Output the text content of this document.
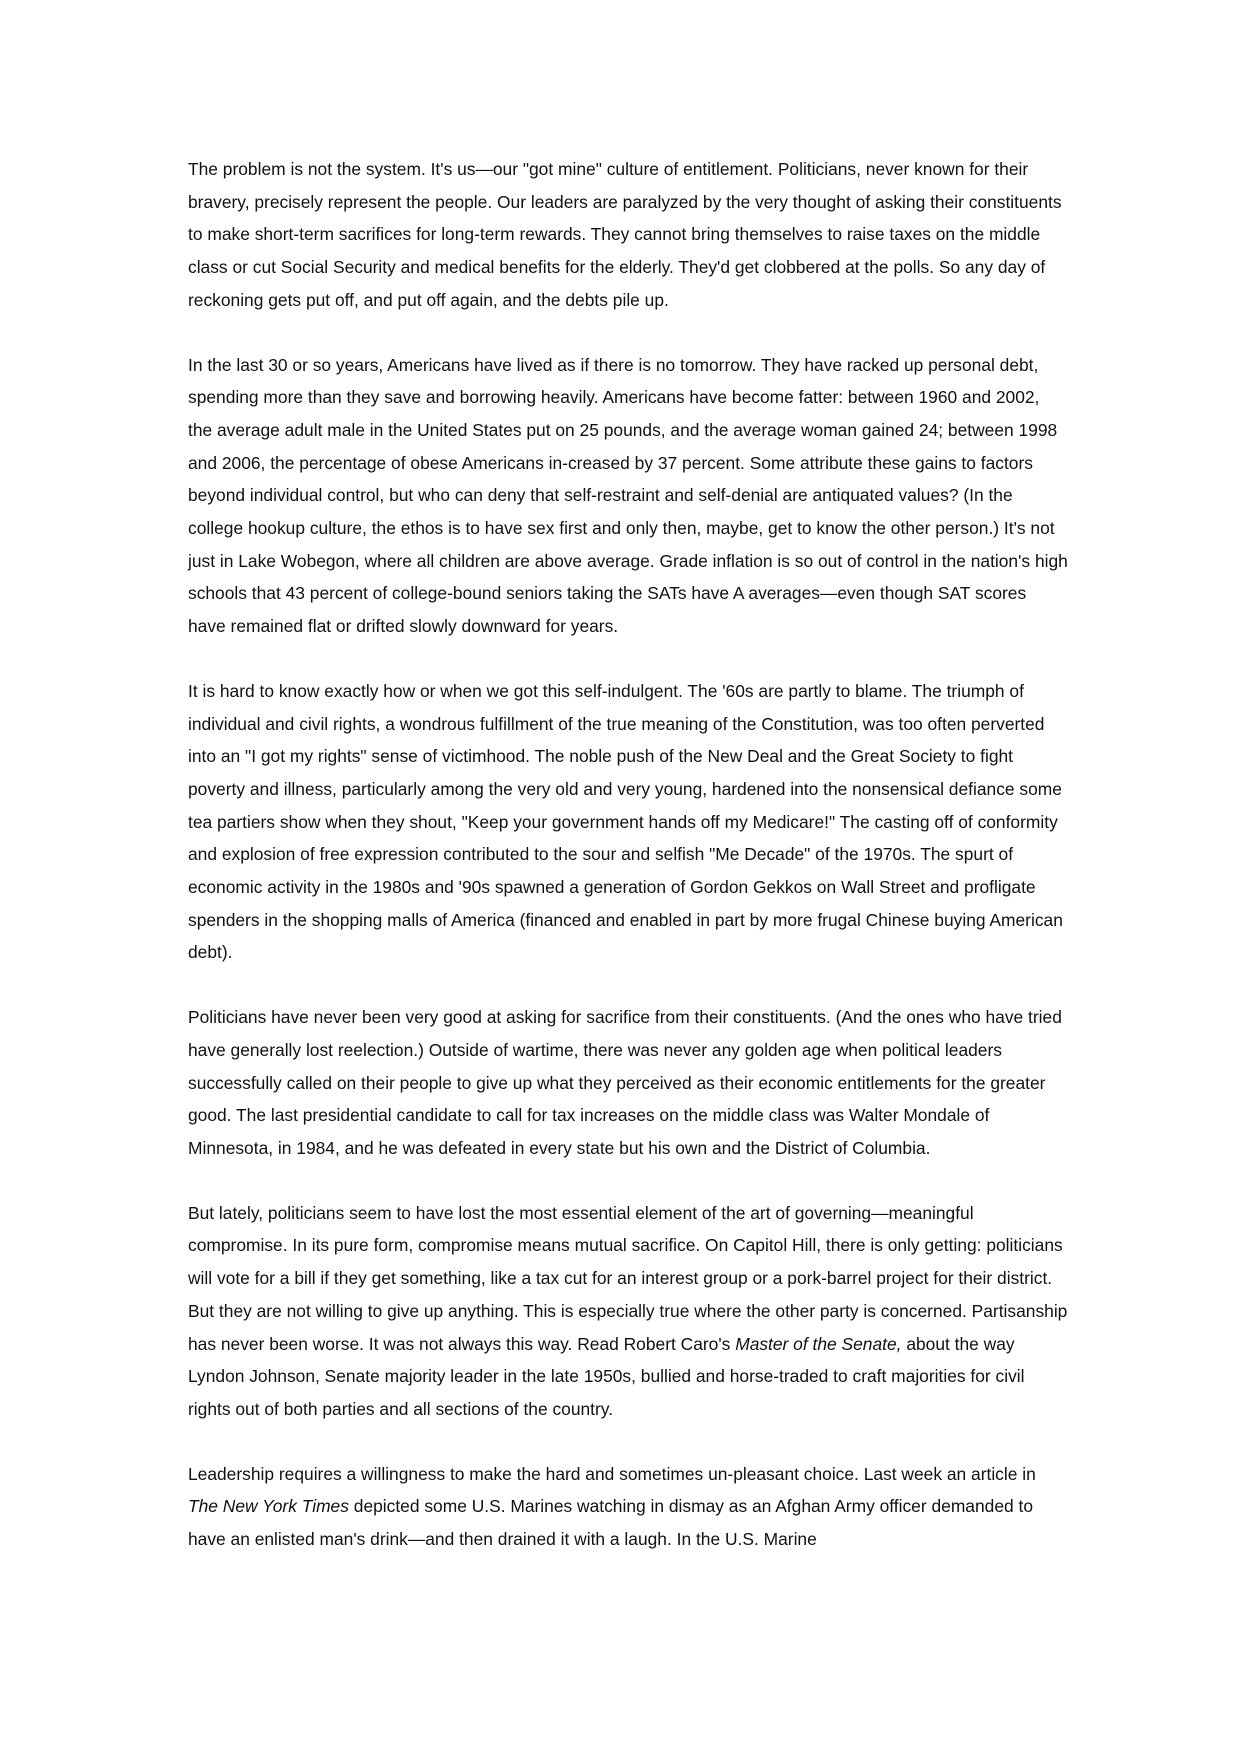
The problem is not the system. It's us—our "got mine" culture of entitlement. Politicians, never known for their bravery, precisely represent the people. Our leaders are paralyzed by the very thought of asking their constituents to make short-term sacrifices for long-term rewards. They cannot bring themselves to raise taxes on the middle class or cut Social Security and medical benefits for the elderly. They'd get clobbered at the polls. So any day of reckoning gets put off, and put off again, and the debts pile up.

In the last 30 or so years, Americans have lived as if there is no tomorrow. They have racked up personal debt, spending more than they save and borrowing heavily. Americans have become fatter: between 1960 and 2002, the average adult male in the United States put on 25 pounds, and the average woman gained 24; between 1998 and 2006, the percentage of obese Americans in-creased by 37 percent. Some attribute these gains to factors beyond individual control, but who can deny that self-restraint and self-denial are antiquated values? (In the college hookup culture, the ethos is to have sex first and only then, maybe, get to know the other person.) It's not just in Lake Wobegon, where all children are above average. Grade inflation is so out of control in the nation's high schools that 43 percent of college-bound seniors taking the SATs have A averages—even though SAT scores have remained flat or drifted slowly downward for years.

It is hard to know exactly how or when we got this self-indulgent. The '60s are partly to blame. The triumph of individual and civil rights, a wondrous fulfillment of the true meaning of the Constitution, was too often perverted into an "I got my rights" sense of victimhood. The noble push of the New Deal and the Great Society to fight poverty and illness, particularly among the very old and very young, hardened into the nonsensical defiance some tea partiers show when they shout, "Keep your government hands off my Medicare!" The casting off of conformity and explosion of free expression contributed to the sour and selfish "Me Decade" of the 1970s. The spurt of economic activity in the 1980s and '90s spawned a generation of Gordon Gekkos on Wall Street and profligate spenders in the shopping malls of America (financed and enabled in part by more frugal Chinese buying American debt).

Politicians have never been very good at asking for sacrifice from their constituents. (And the ones who have tried have generally lost reelection.) Outside of wartime, there was never any golden age when political leaders successfully called on their people to give up what they perceived as their economic entitlements for the greater good. The last presidential candidate to call for tax increases on the middle class was Walter Mondale of Minnesota, in 1984, and he was defeated in every state but his own and the District of Columbia.

But lately, politicians seem to have lost the most essential element of the art of governing—meaningful compromise. In its pure form, compromise means mutual sacrifice. On Capitol Hill, there is only getting: politicians will vote for a bill if they get something, like a tax cut for an interest group or a pork-barrel project for their district. But they are not willing to give up anything. This is especially true where the other party is concerned. Partisanship has never been worse. It was not always this way. Read Robert Caro's Master of the Senate, about the way Lyndon Johnson, Senate majority leader in the late 1950s, bullied and horse-traded to craft majorities for civil rights out of both parties and all sections of the country.

Leadership requires a willingness to make the hard and sometimes un-pleasant choice. Last week an article in The New York Times depicted some U.S. Marines watching in dismay as an Afghan Army officer demanded to have an enlisted man's drink—and then drained it with a laugh. In the U.S. Marine
